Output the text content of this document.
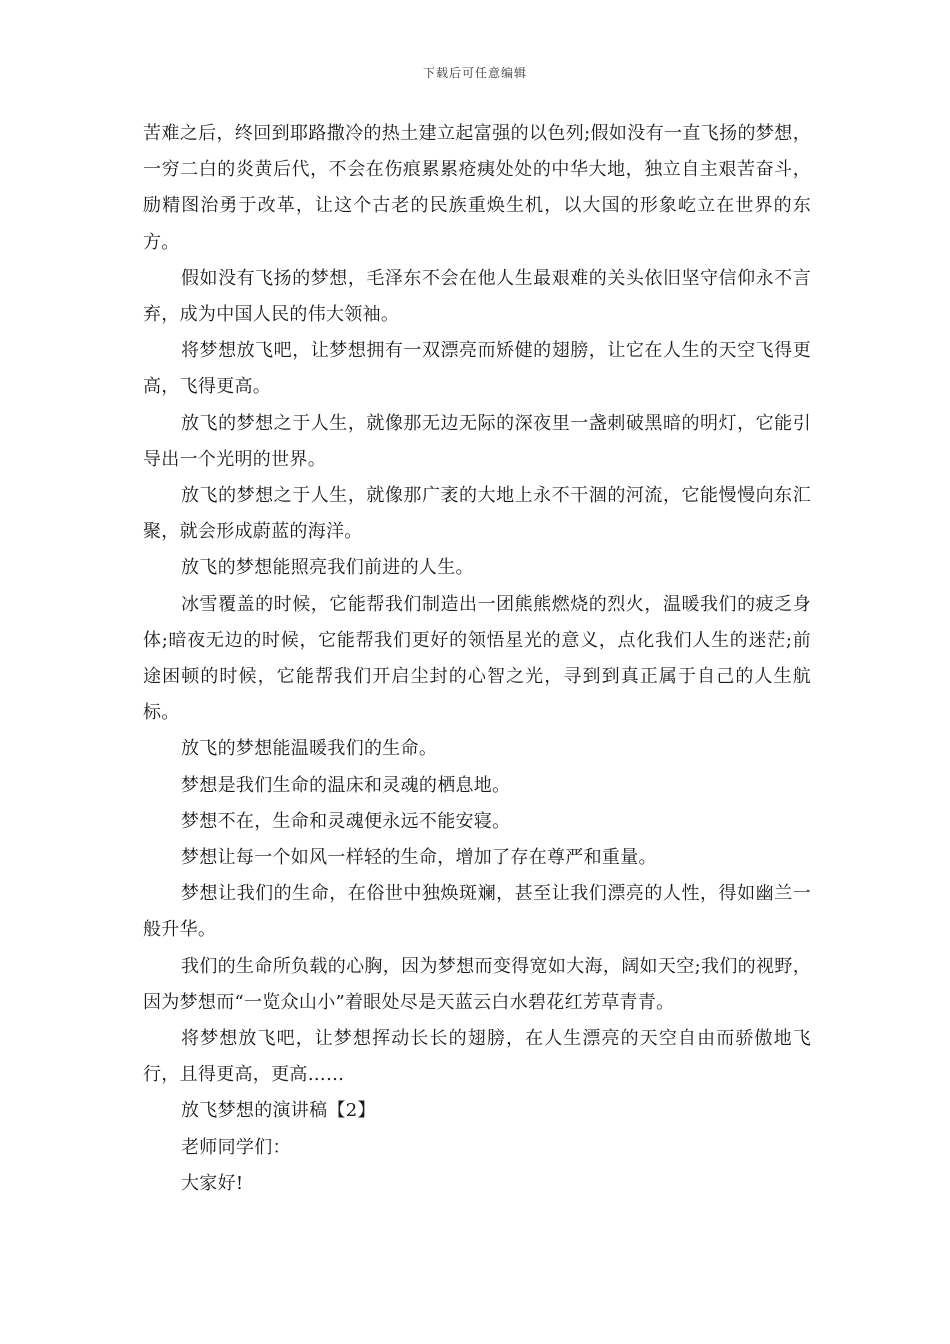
下载后可任意编辑

苦难之后，终回到耶路撒冷的热土建立起富强的以色列;假如没有一直飞扬的梦想，一穷二白的炎黄后代，不会在伤痕累累疮痍处处的中华大地，独立自主艰苦奋斗，励精图治勇于改革，让这个古老的民族重焕生机，以大国的形象屹立在世界的东方。

假如没有飞扬的梦想，毛泽东不会在他人生最艰难的关头依旧坚守信仰永不言弃，成为中国人民的伟大领袖。

将梦想放飞吧，让梦想拥有一双漂亮而矫健的翅膀，让它在人生的天空飞得更高，飞得更高。

放飞的梦想之于人生，就像那无边无际的深夜里一盏刺破黑暗的明灯，它能引导出一个光明的世界。

放飞的梦想之于人生，就像那广袤的大地上永不干涸的河流，它能慢慢向东汇聚，就会形成蔚蓝的海洋。

放飞的梦想能照亮我们前进的人生。

冰雪覆盖的时候，它能帮我们制造出一团熊熊燃烧的烈火，温暖我们的疲乏身体;暗夜无边的时候，它能帮我们更好的领悟星光的意义，点化我们人生的迷茫;前途困顿的时候，它能帮我们开启尘封的心智之光，寻到到真正属于自己的人生航标。

放飞的梦想能温暖我们的生命。

梦想是我们生命的温床和灵魂的栖息地。

梦想不在，生命和灵魂便永远不能安寝。

梦想让每一个如风一样轻的生命，增加了存在尊严和重量。

梦想让我们的生命，在俗世中独焕斑斓，甚至让我们漂亮的人性，得如幽兰一般升华。

我们的生命所负载的心胸，因为梦想而变得宽如大海，阔如天空;我们的视野，因为梦想而“一览众山小”着眼处尽是天蓝云白水碧花红芳草青青。

将梦想放飞吧，让梦想挥动长长的翅膀，在人生漂亮的天空自由而骄傲地飞行，且得更高，更高……

放飞梦想的演讲稿【2】

老师同学们：

大家好!
